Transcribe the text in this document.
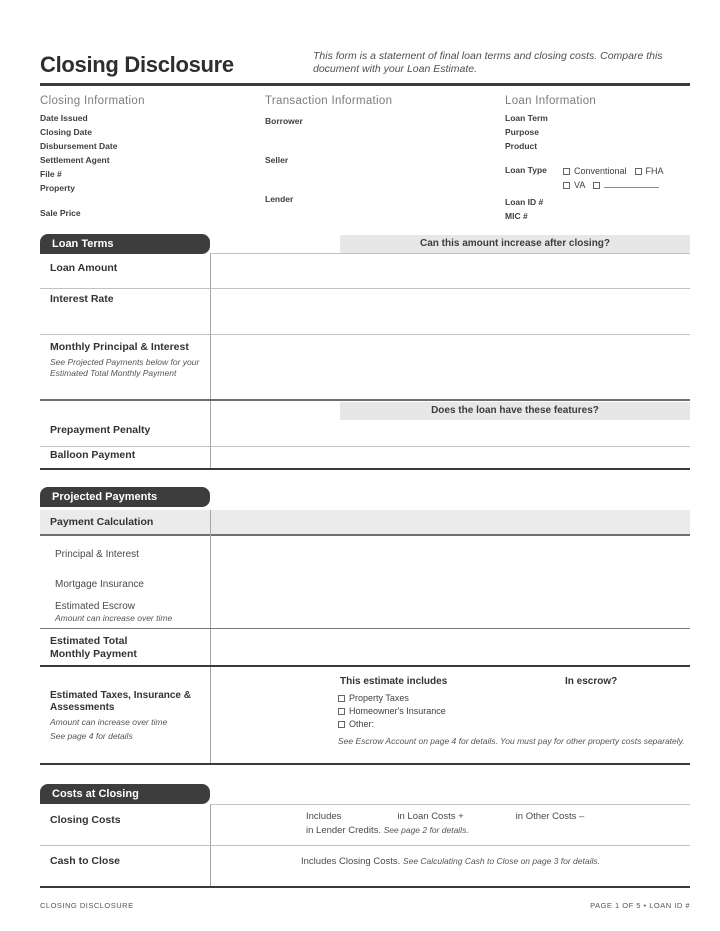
Closing Disclosure	This form is a statement of final loan terms and closing costs. Compare this document with your Loan Estimate.
Closing Information
Date Issued
Closing Date
Disbursement Date
Settlement Agent
File #
Property
Sale Price
Transaction Information
Borrower
Seller
Lender
Loan Information
Loan Term
Purpose
Product
Loan Type	Conventional FHA
VA
Loan ID #
MIC #
Loan Terms	Can this amount increase after closing?
Loan Amount
Interest Rate
Monthly Principal & Interest
See Projected Payments below for your Estimated Total Monthly Payment
Does the loan have these features?
Prepayment Penalty
Balloon Payment
Projected Payments
Payment Calculation
Principal & Interest
Mortgage Insurance
Estimated Escrow
Amount can increase over time
Estimated Total Monthly Payment
Estimated Taxes, Insurance & Assessments
Amount can increase over time
See page 4 for details
This estimate includes	In escrow?
Property Taxes
Homeowner's Insurance
Other:
See Escrow Account on page 4 for details. You must pay for other property costs separately.
Costs at Closing
Closing Costs	Includes	in Loan Costs +	in Other Costs –
in Lender Credits. See page 2 for details.
Cash to Close	Includes Closing Costs. See Calculating Cash to Close on page 3 for details.
CLOSING DISCLOSURE	PAGE 1 OF 5 • LOAN ID #
